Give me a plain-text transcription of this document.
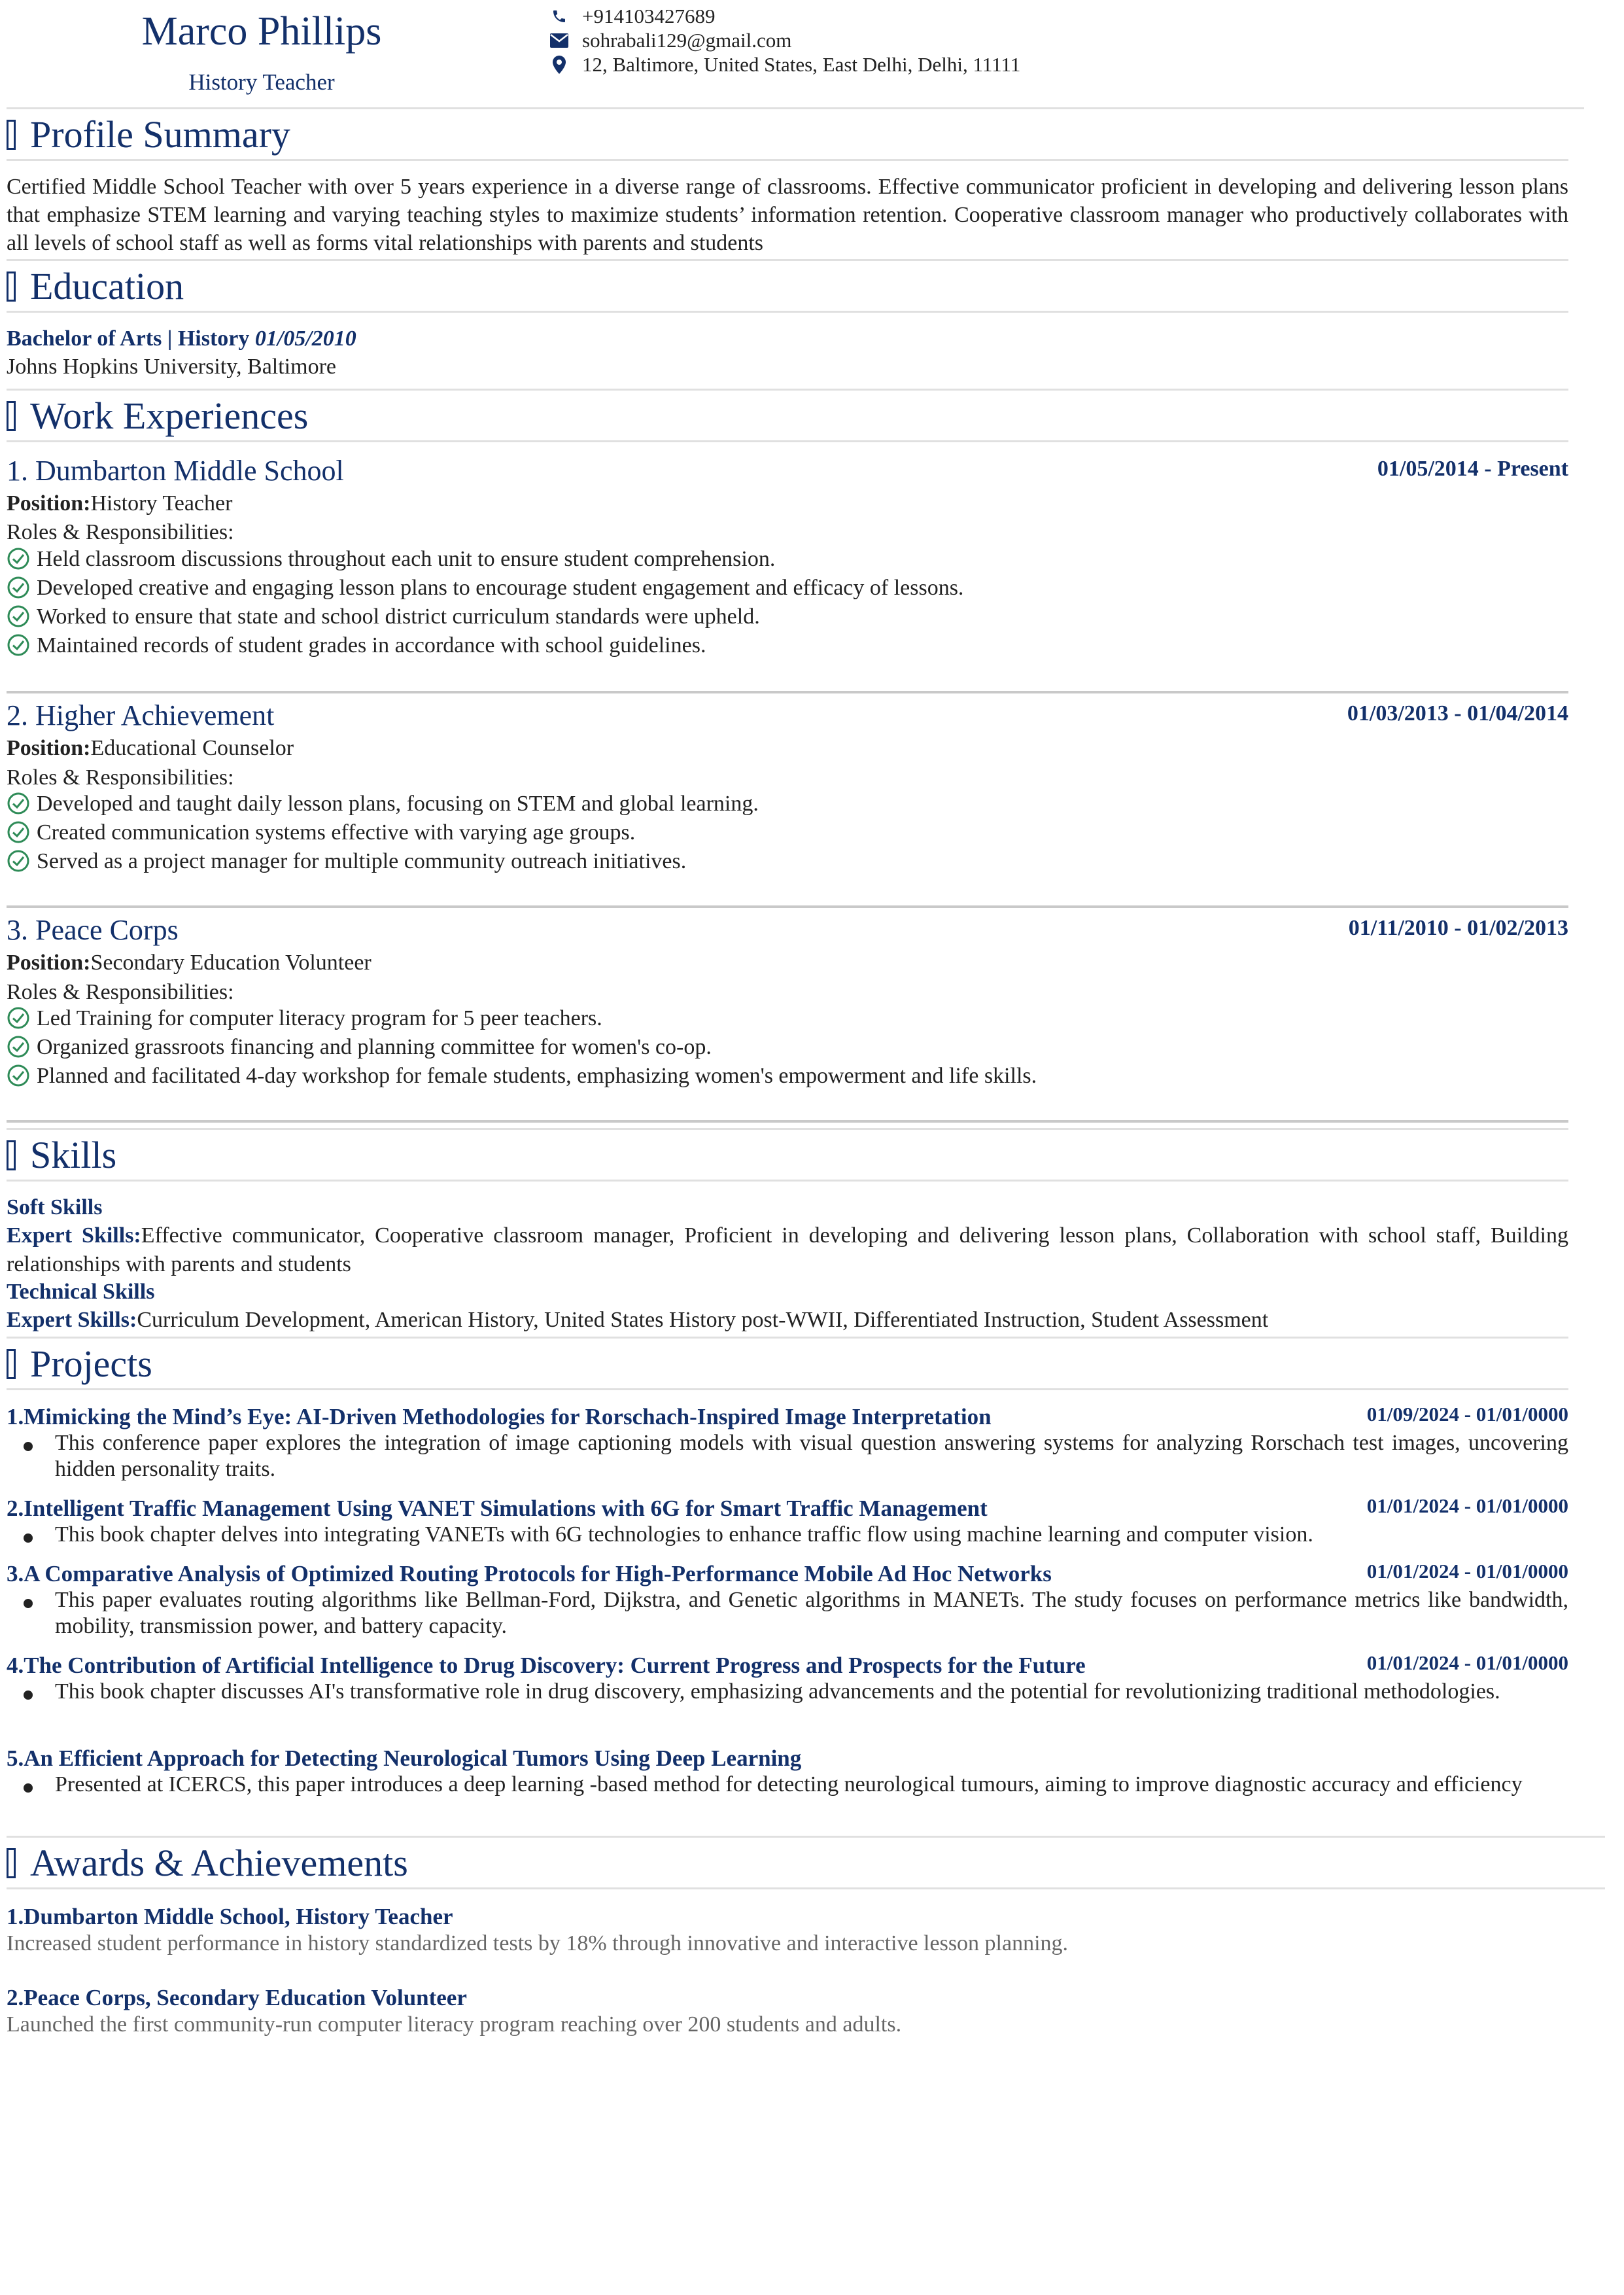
Marco Phillips
History Teacher
+914103427689
sohrabali129@gmail.com
12, Baltimore, United States, East Delhi, Delhi, 11111
Profile Summary
Certified Middle School Teacher with over 5 years experience in a diverse range of classrooms. Effective communicator proficient in developing and delivering lesson plans that emphasize STEM learning and varying teaching styles to maximize students’ information retention. Cooperative classroom manager who productively collaborates with all levels of school staff as well as forms vital relationships with parents and students
Education
Bachelor of Arts | History 01/05/2010
Johns Hopkins University, Baltimore
Work Experiences
1. Dumbarton Middle School	01/05/2014 - Present
Position:History Teacher
Roles & Responsibilities:
Held classroom discussions throughout each unit to ensure student comprehension.
Developed creative and engaging lesson plans to encourage student engagement and efficacy of lessons.
Worked to ensure that state and school district curriculum standards were upheld.
Maintained records of student grades in accordance with school guidelines.
2. Higher Achievement	01/03/2013 - 01/04/2014
Position:Educational Counselor
Roles & Responsibilities:
Developed and taught daily lesson plans, focusing on STEM and global learning.
Created communication systems effective with varying age groups.
Served as a project manager for multiple community outreach initiatives.
3. Peace Corps	01/11/2010 - 01/02/2013
Position:Secondary Education Volunteer
Roles & Responsibilities:
Led Training for computer literacy program for 5 peer teachers.
Organized grassroots financing and planning committee for women's co-op.
Planned and facilitated 4-day workshop for female students, emphasizing women's empowerment and life skills.
Skills
Soft Skills
Expert Skills:Effective communicator, Cooperative classroom manager, Proficient in developing and delivering lesson plans, Collaboration with school staff, Building relationships with parents and students
Technical Skills
Expert Skills:Curriculum Development, American History, United States History post-WWII, Differentiated Instruction, Student Assessment
Projects
1.Mimicking the Mind’s Eye: AI-Driven Methodologies for Rorschach-Inspired Image Interpretation	01/09/2024 - 01/01/0000
This conference paper explores the integration of image captioning models with visual question answering systems for analyzing Rorschach test images, uncovering hidden personality traits.
2.Intelligent Traffic Management Using VANET Simulations with 6G for Smart Traffic Management	01/01/2024 - 01/01/0000
This book chapter delves into integrating VANETs with 6G technologies to enhance traffic flow using machine learning and computer vision.
3.A Comparative Analysis of Optimized Routing Protocols for High-Performance Mobile Ad Hoc Networks	01/01/2024 - 01/01/0000
This paper evaluates routing algorithms like Bellman-Ford, Dijkstra, and Genetic algorithms in MANETs. The study focuses on performance metrics like bandwidth, mobility, transmission power, and battery capacity.
4.The Contribution of Artificial Intelligence to Drug Discovery: Current Progress and Prospects for the Future	01/01/2024 - 01/01/0000
This book chapter discusses AI's transformative role in drug discovery, emphasizing advancements and the potential for revolutionizing traditional methodologies.
5.An Efficient Approach for Detecting Neurological Tumors Using Deep Learning
Presented at ICERCS, this paper introduces a deep learning -based method for detecting neurological tumours, aiming to improve diagnostic accuracy and efficiency
Awards & Achievements
1.Dumbarton Middle School, History Teacher
Increased student performance in history standardized tests by 18% through innovative and interactive lesson planning.
2.Peace Corps, Secondary Education Volunteer
Launched the first community-run computer literacy program reaching over 200 students and adults.
